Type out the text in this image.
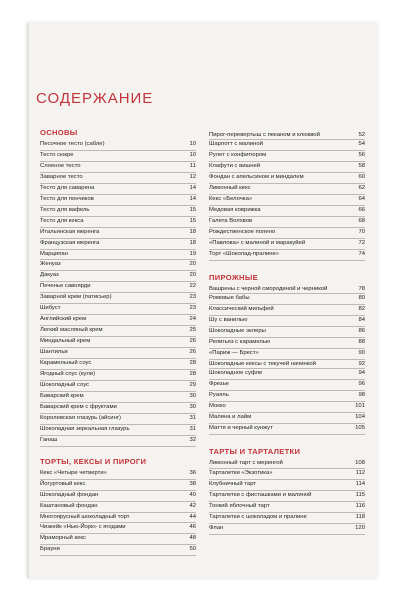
СОДЕРЖАНИЕ
ОСНОВЫ
Песочное тесто (сабле)	10
Тесто сюкре	10
Слоеное тесто	11
Заварное тесто	12
Тесто для саварена	14
Тесто для пончиков	14
Тесто для вафель	15
Тесто для кекса	15
Итальянская меренга	18
Французская меренга	18
Марципан	19
Женуаз	20
Дакуаз	20
Печенье савоярди	22
Заварной крем (патисьер)	23
Шибуст	23
Английский крем	24
Легкий масляный крем	25
Миндальный крем	26
Шантильи	26
Карамельный соус	28
Ягодный соус (кули)	28
Шоколадный соус	29
Баварский крем	30
Баварский крем с фруктами	30
Королевская глазурь (айсинг)	31
Шоколадная зеркальная глазурь	31
Ганаш	32
ТОРТЫ, КЕКСЫ И ПИРОГИ
Кекс «Четыре четверти»	36
Йогуртовый кекс	38
Шоколадный фондан	40
Каштановый фондан	42
Многоярусный шоколадный торт	44
Чизкейк «Нью-Йорк» с ягодами	46
Мраморный кекс	48
Брауни	50
Пирог-перевертыш с пеканом и клюквой	52
Шарлотт с малиной	54
Рулет с конфитюром	56
Клафути с вишней	58
Фондан с апельсином и миндалем	60
Лимонный кекс	62
Кекс «Белочка»	64
Медовая коврижка	66
Галета Волхвов	68
Рождественское полено	70
«Павлова» с малиной и маракуйей	72
Торт «Шоколад-пралине»	74
ПИРОЖНЫЕ
Вашрены с черной смородиной и черникой	78
Ромовые бабы	80
Классический мильфей	82
Шу с ванилью	84
Шоколадные эклеры	86
Религьез с карамелью	88
«Париж — Брест»	90
Шоколадные кексы с текучей начинкой	92
Шоколадное суфле	94
Фрезье	96
Руаяль	98
Мокко	101
Малина и лайм	104
Маття и черный кунжут	105
ТАРТЫ И ТАРТАЛЕТКИ
Лимонный тарт с меренгой	108
Тарталетки «Экзотика»	112
Клубничный тарт	114
Тарталетки с фисташками и малиной	115
Тонкий яблочный тарт	116
Тарталетки с шоколадом и пралине	118
Флан	120
